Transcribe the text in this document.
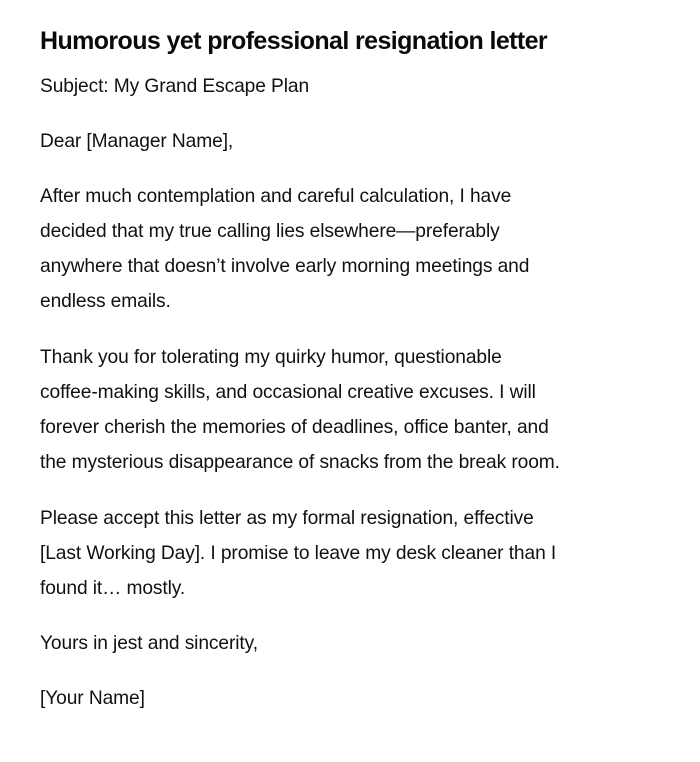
Humorous yet professional resignation letter

Subject: My Grand Escape Plan

Dear [Manager Name],

After much contemplation and careful calculation, I have
decided that my true calling lies elsewhere—preferably
anywhere that doesn’t involve early morning meetings and
endless emails.

Thank you for tolerating my quirky humor, questionable
coffee-making skills, and occasional creative excuses. I will
forever cherish the memories of deadlines, office banter, and
the mysterious disappearance of snacks from the break room.

Please accept this letter as my formal resignation, effective
[Last Working Day]. I promise to leave my desk cleaner than I
found it… mostly.

Yours in jest and sincerity,

[Your Name]
